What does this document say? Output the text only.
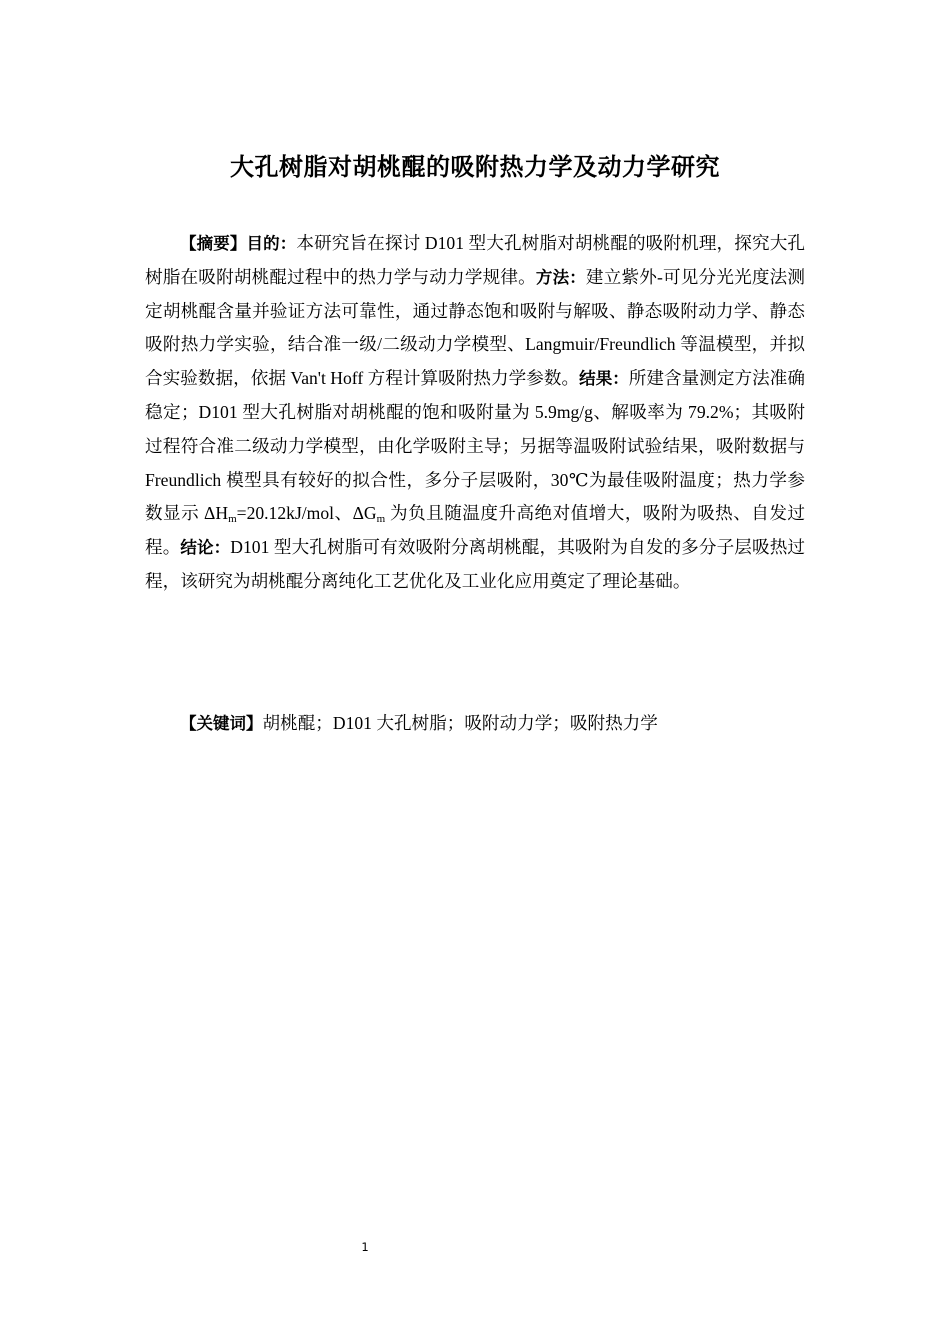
大孔树脂对胡桃醌的吸附热力学及动力学研究
【摘要】目的：本研究旨在探讨 D101 型大孔树脂对胡桃醌的吸附机理，探究大孔树脂在吸附胡桃醌过程中的热力学与动力学规律。方法：建立紫外-可见分光光度法测定胡桃醌含量并验证方法可靠性，通过静态饱和吸附与解吸、静态吸附动力学、静态吸附热力学实验，结合准一级/二级动力学模型、Langmuir/Freundlich 等温模型，并拟合实验数据，依据 Van't Hoff 方程计算吸附热力学参数。结果：所建含量测定方法准确稳定；D101 型大孔树脂对胡桃醌的饱和吸附量为 5.9mg/g、解吸率为 79.2%；其吸附过程符合准二级动力学模型，由化学吸附主导；另据等温吸附试验结果，吸附数据与 Freundlich 模型具有较好的拟合性，多分子层吸附，30℃为最佳吸附温度；热力学参数显示 $\Delta H_m=20.12kJ$/mol、$\Delta G_m$ 为负且随温度升高绝对值增大，吸附为吸热、自发过程。结论：D101 型大孔树脂可有效吸附分离胡桃醌，其吸附为自发的多分子层吸热过程，该研究为胡桃醌分离纯化工艺优化及工业化应用奠定了理论基础。
【关键词】胡桃醌；D101 大孔树脂；吸附动力学；吸附热力学
1
